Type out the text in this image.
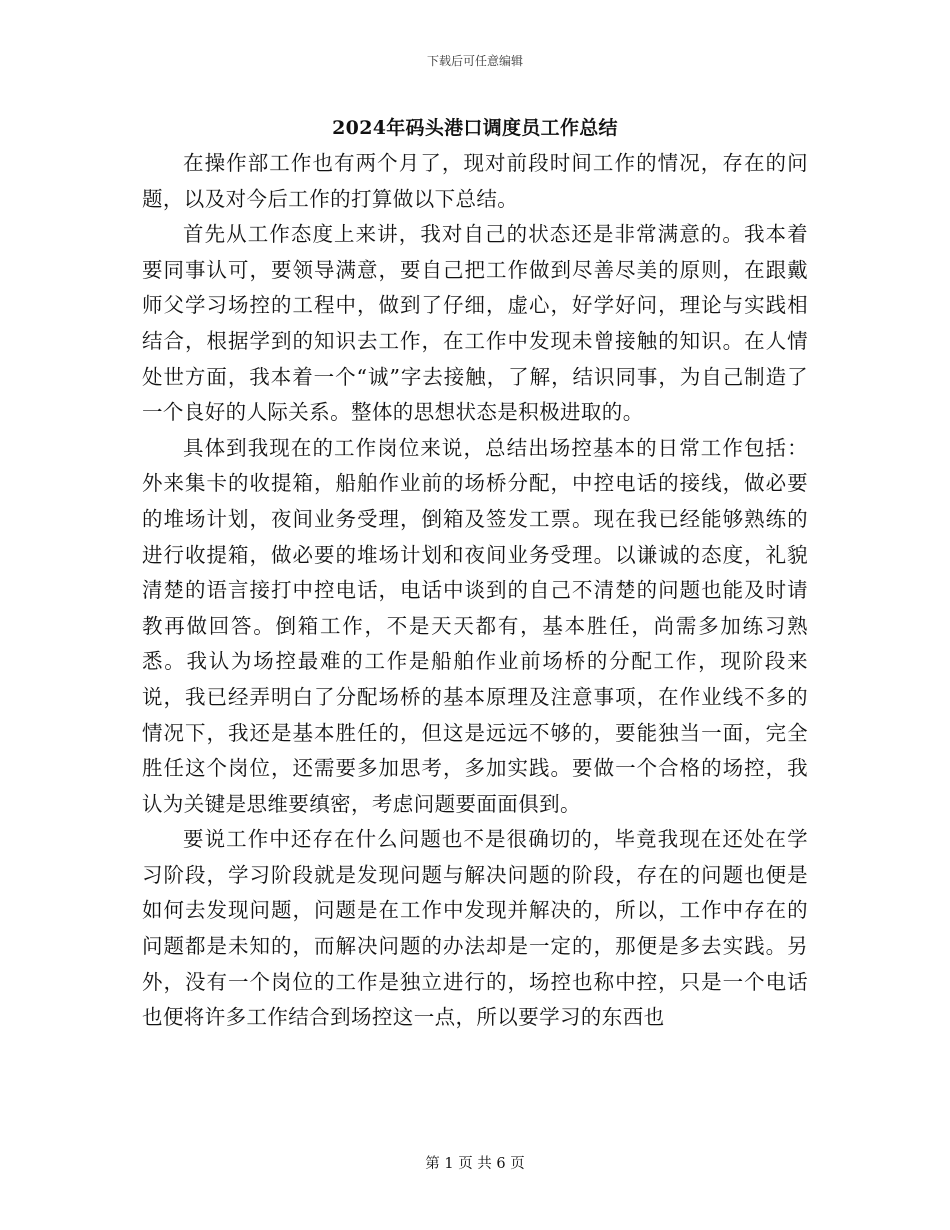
下载后可任意编辑
2024年码头港口调度员工作总结

在操作部工作也有两个月了，现对前段时间工作的情况，存在的问题，以及对今后工作的打算做以下总结。

首先从工作态度上来讲，我对自己的状态还是非常满意的。我本着要同事认可，要领导满意，要自己把工作做到尽善尽美的原则，在跟戴师父学习场控的工程中，做到了仔细，虚心，好学好问，理论与实践相结合，根据学到的知识去工作，在工作中发现未曾接触的知识。在人情处世方面，我本着一个“诚”字去接触，了解，结识同事，为自己制造了一个良好的人际关系。整体的思想状态是积极进取的。

具体到我现在的工作岗位来说，总结出场控基本的日常工作包括：外来集卡的收提箱，船舶作业前的场桥分配，中控电话的接线，做必要的堆场计划，夜间业务受理，倒箱及签发工票。现在我已经能够熟练的进行收提箱，做必要的堆场计划和夜间业务受理。以谦诚的态度，礼貌清楚的语言接打中控电话，电话中谈到的自己不清楚的问题也能及时请教再做回答。倒箱工作，不是天天都有，基本胜任，尚需多加练习熟悉。我认为场控最难的工作是船舶作业前场桥的分配工作，现阶段来说，我已经弄明白了分配场桥的基本原理及注意事项，在作业线不多的情况下，我还是基本胜任的，但这是远远不够的，要能独当一面，完全胜任这个岗位，还需要多加思考，多加实践。要做一个合格的场控，我认为关键是思维要缜密，考虑问题要面面俱到。

要说工作中还存在什么问题也不是很确切的，毕竟我现在还处在学习阶段，学习阶段就是发现问题与解决问题的阶段，存在的问题也便是如何去发现问题，问题是在工作中发现并解决的，所以，工作中存在的问题都是未知的，而解决问题的办法却是一定的，那便是多去实践。另外，没有一个岗位的工作是独立进行的，场控也称中控，只是一个电话也便将许多工作结合到场控这一点，所以要学习的东西也

第 1 页 共 6 页
